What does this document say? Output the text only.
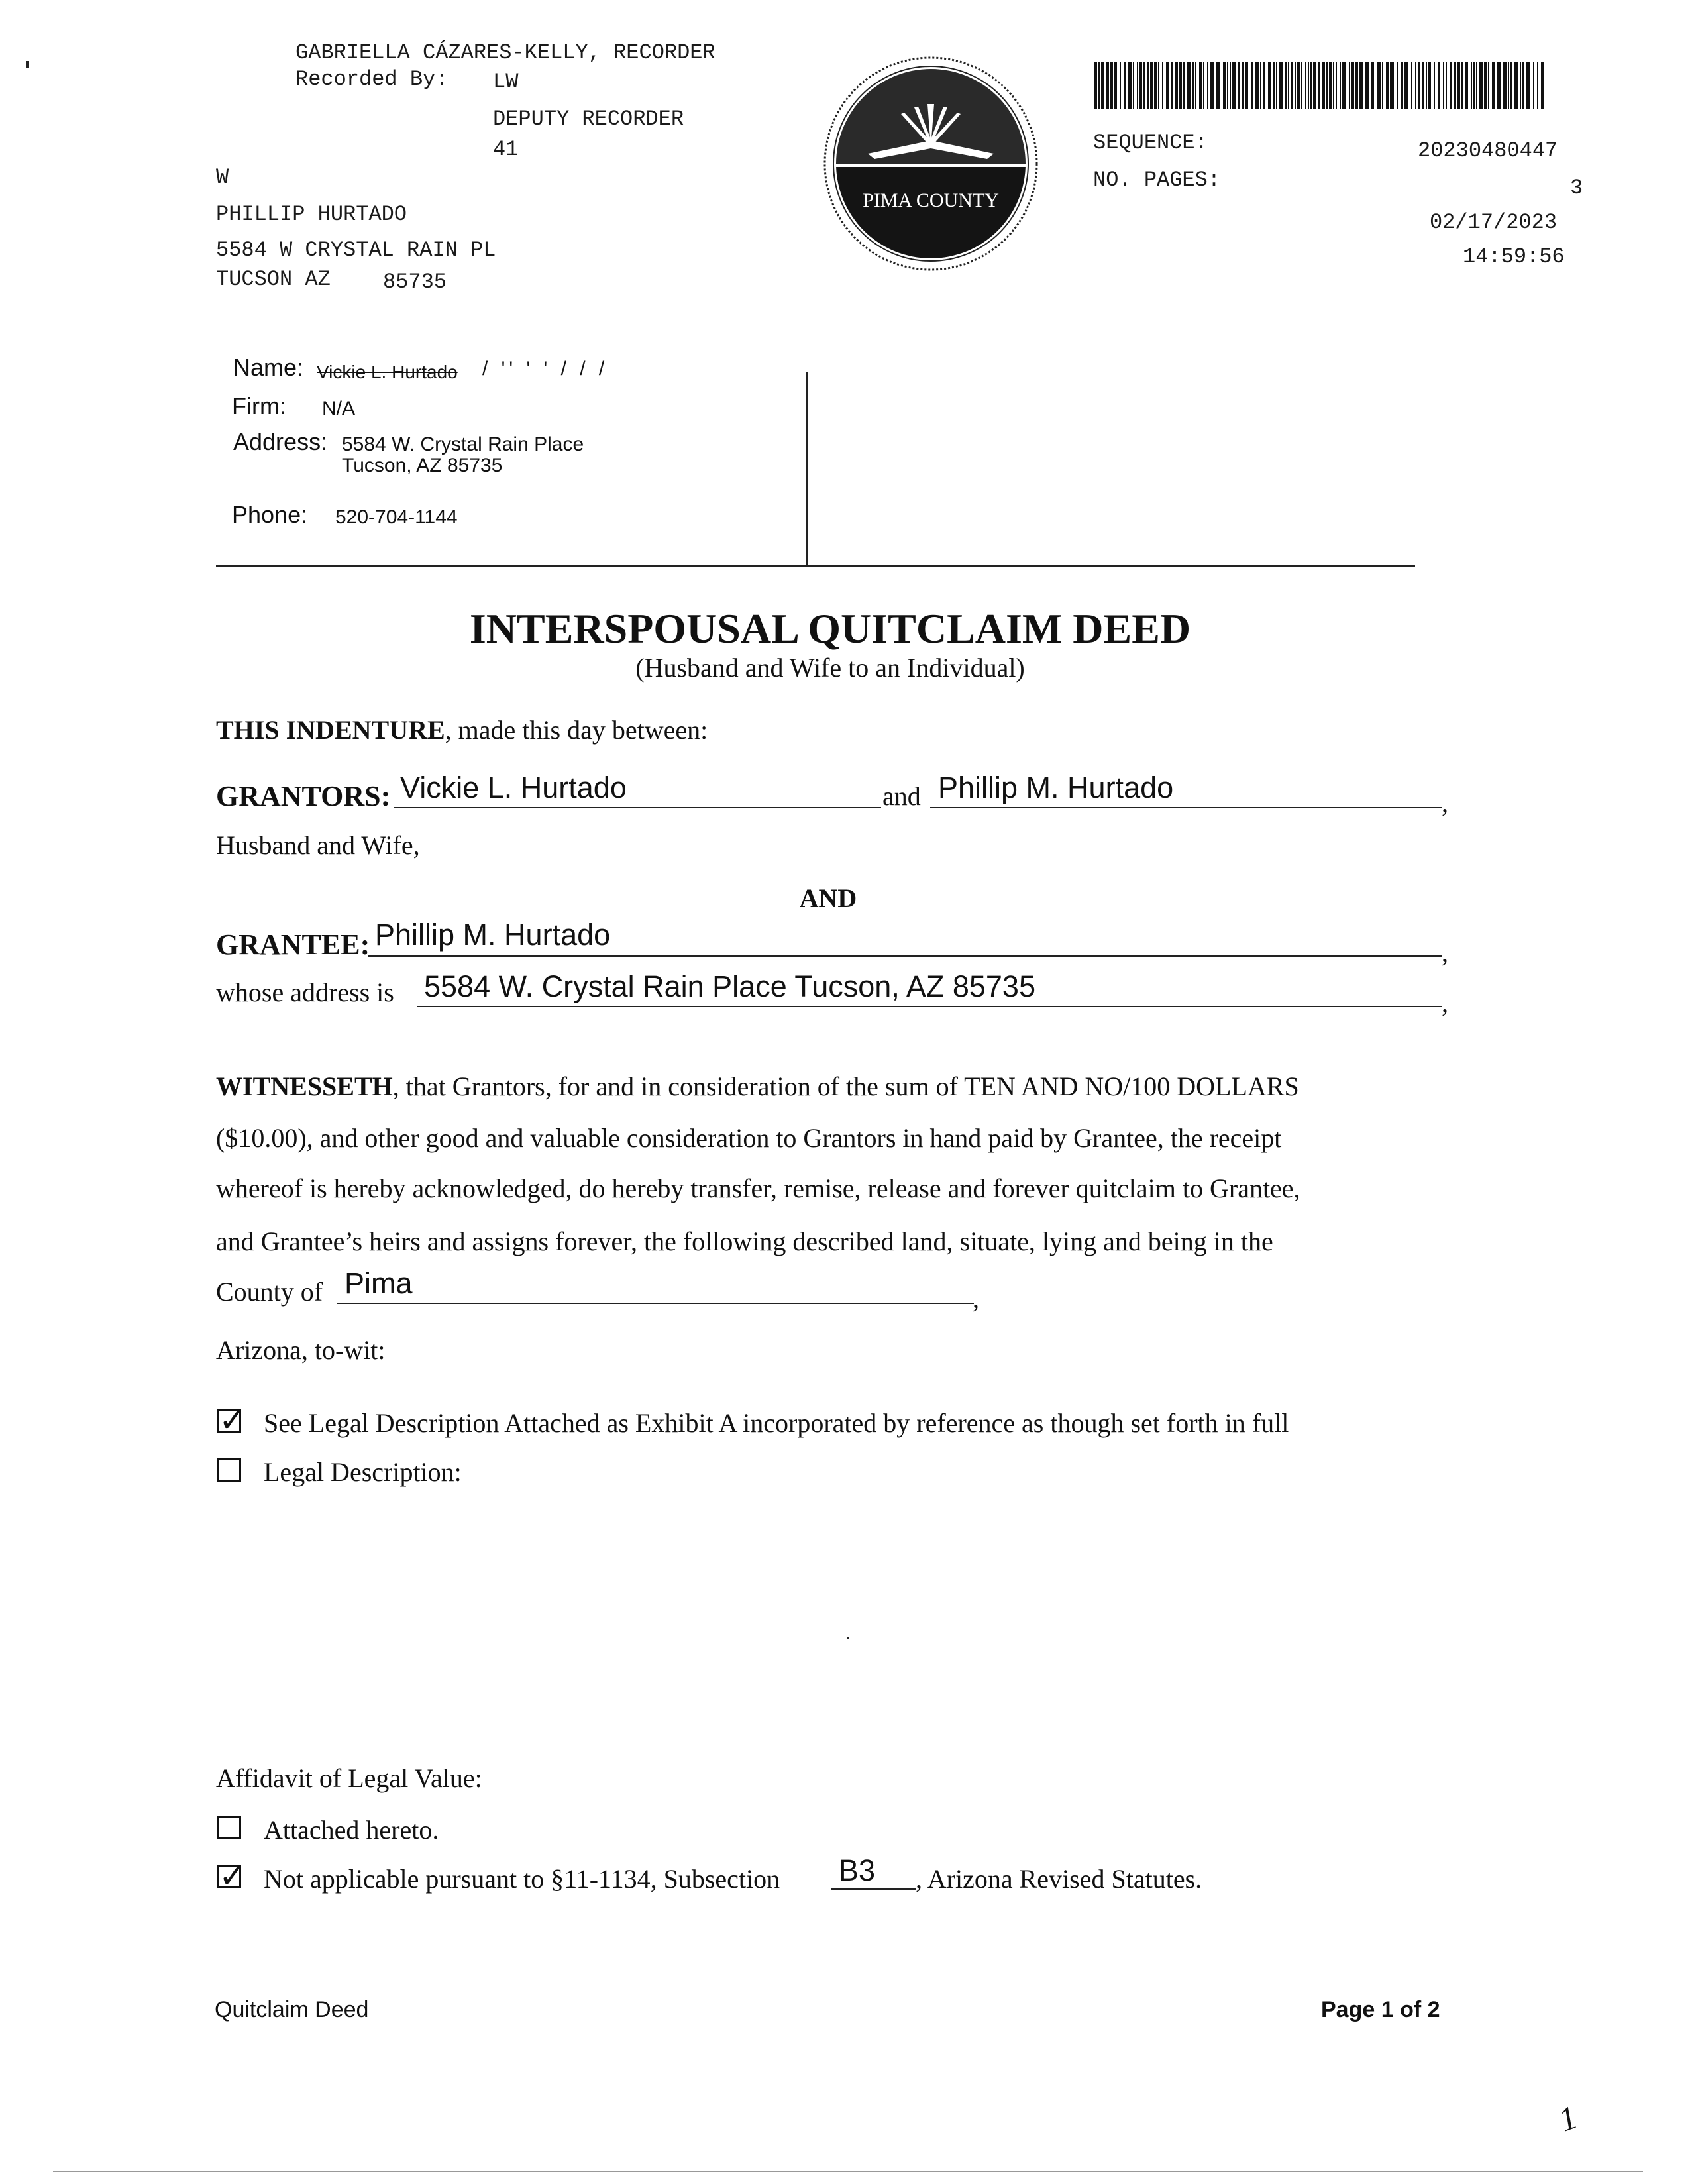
GABRIELLA CÁZARES-KELLY, RECORDER
Recorded By: LW
DEPUTY RECORDER
41
W
PHILLIP HURTADO
5584 W CRYSTAL RAIN PL
TUCSON AZ 85735
PIMA COUNTY
SEQUENCE:	20230480447
NO. PAGES:	3
02/17/2023
14:59:56
Name: Vickie L. Hurtado / '' ' ' / / /
Firm: N/A
Address: 5584 W. Crystal Rain Place
Tucson, AZ 85735
Phone: 520-704-1144
INTERSPOUSAL QUITCLAIM DEED
(Husband and Wife to an Individual)
THIS INDENTURE, made this day between:
GRANTORS: Vickie L. Hurtado	and Phillip M. Hurtado	,
Husband and Wife,
AND
GRANTEE: Phillip M. Hurtado
,
whose address is 5584 W. Crystal Rain Place Tucson, AZ 85735	,
WITNESSETH, that Grantors, for and in consideration of the sum of TEN AND NO/100 DOLLARS
($10.00), and other good and valuable consideration to Grantors in hand paid by Grantee, the receipt
whereof is hereby acknowledged, do hereby transfer, remise, release and forever quitclaim to Grantee,
and Grantee’s heirs and assigns forever, the following described land, situate, lying and being in the
County of Pima	,
Arizona, to-wit:
✓ See Legal Description Attached as Exhibit A incorporated by reference as though set forth in full
Legal Description:
Affidavit of Legal Value:
Attached hereto.
✓ Not applicable pursuant to §11-1134, Subsection B3 , Arizona Revised Statutes.
Quitclaim Deed	Page 1 of 2
1
